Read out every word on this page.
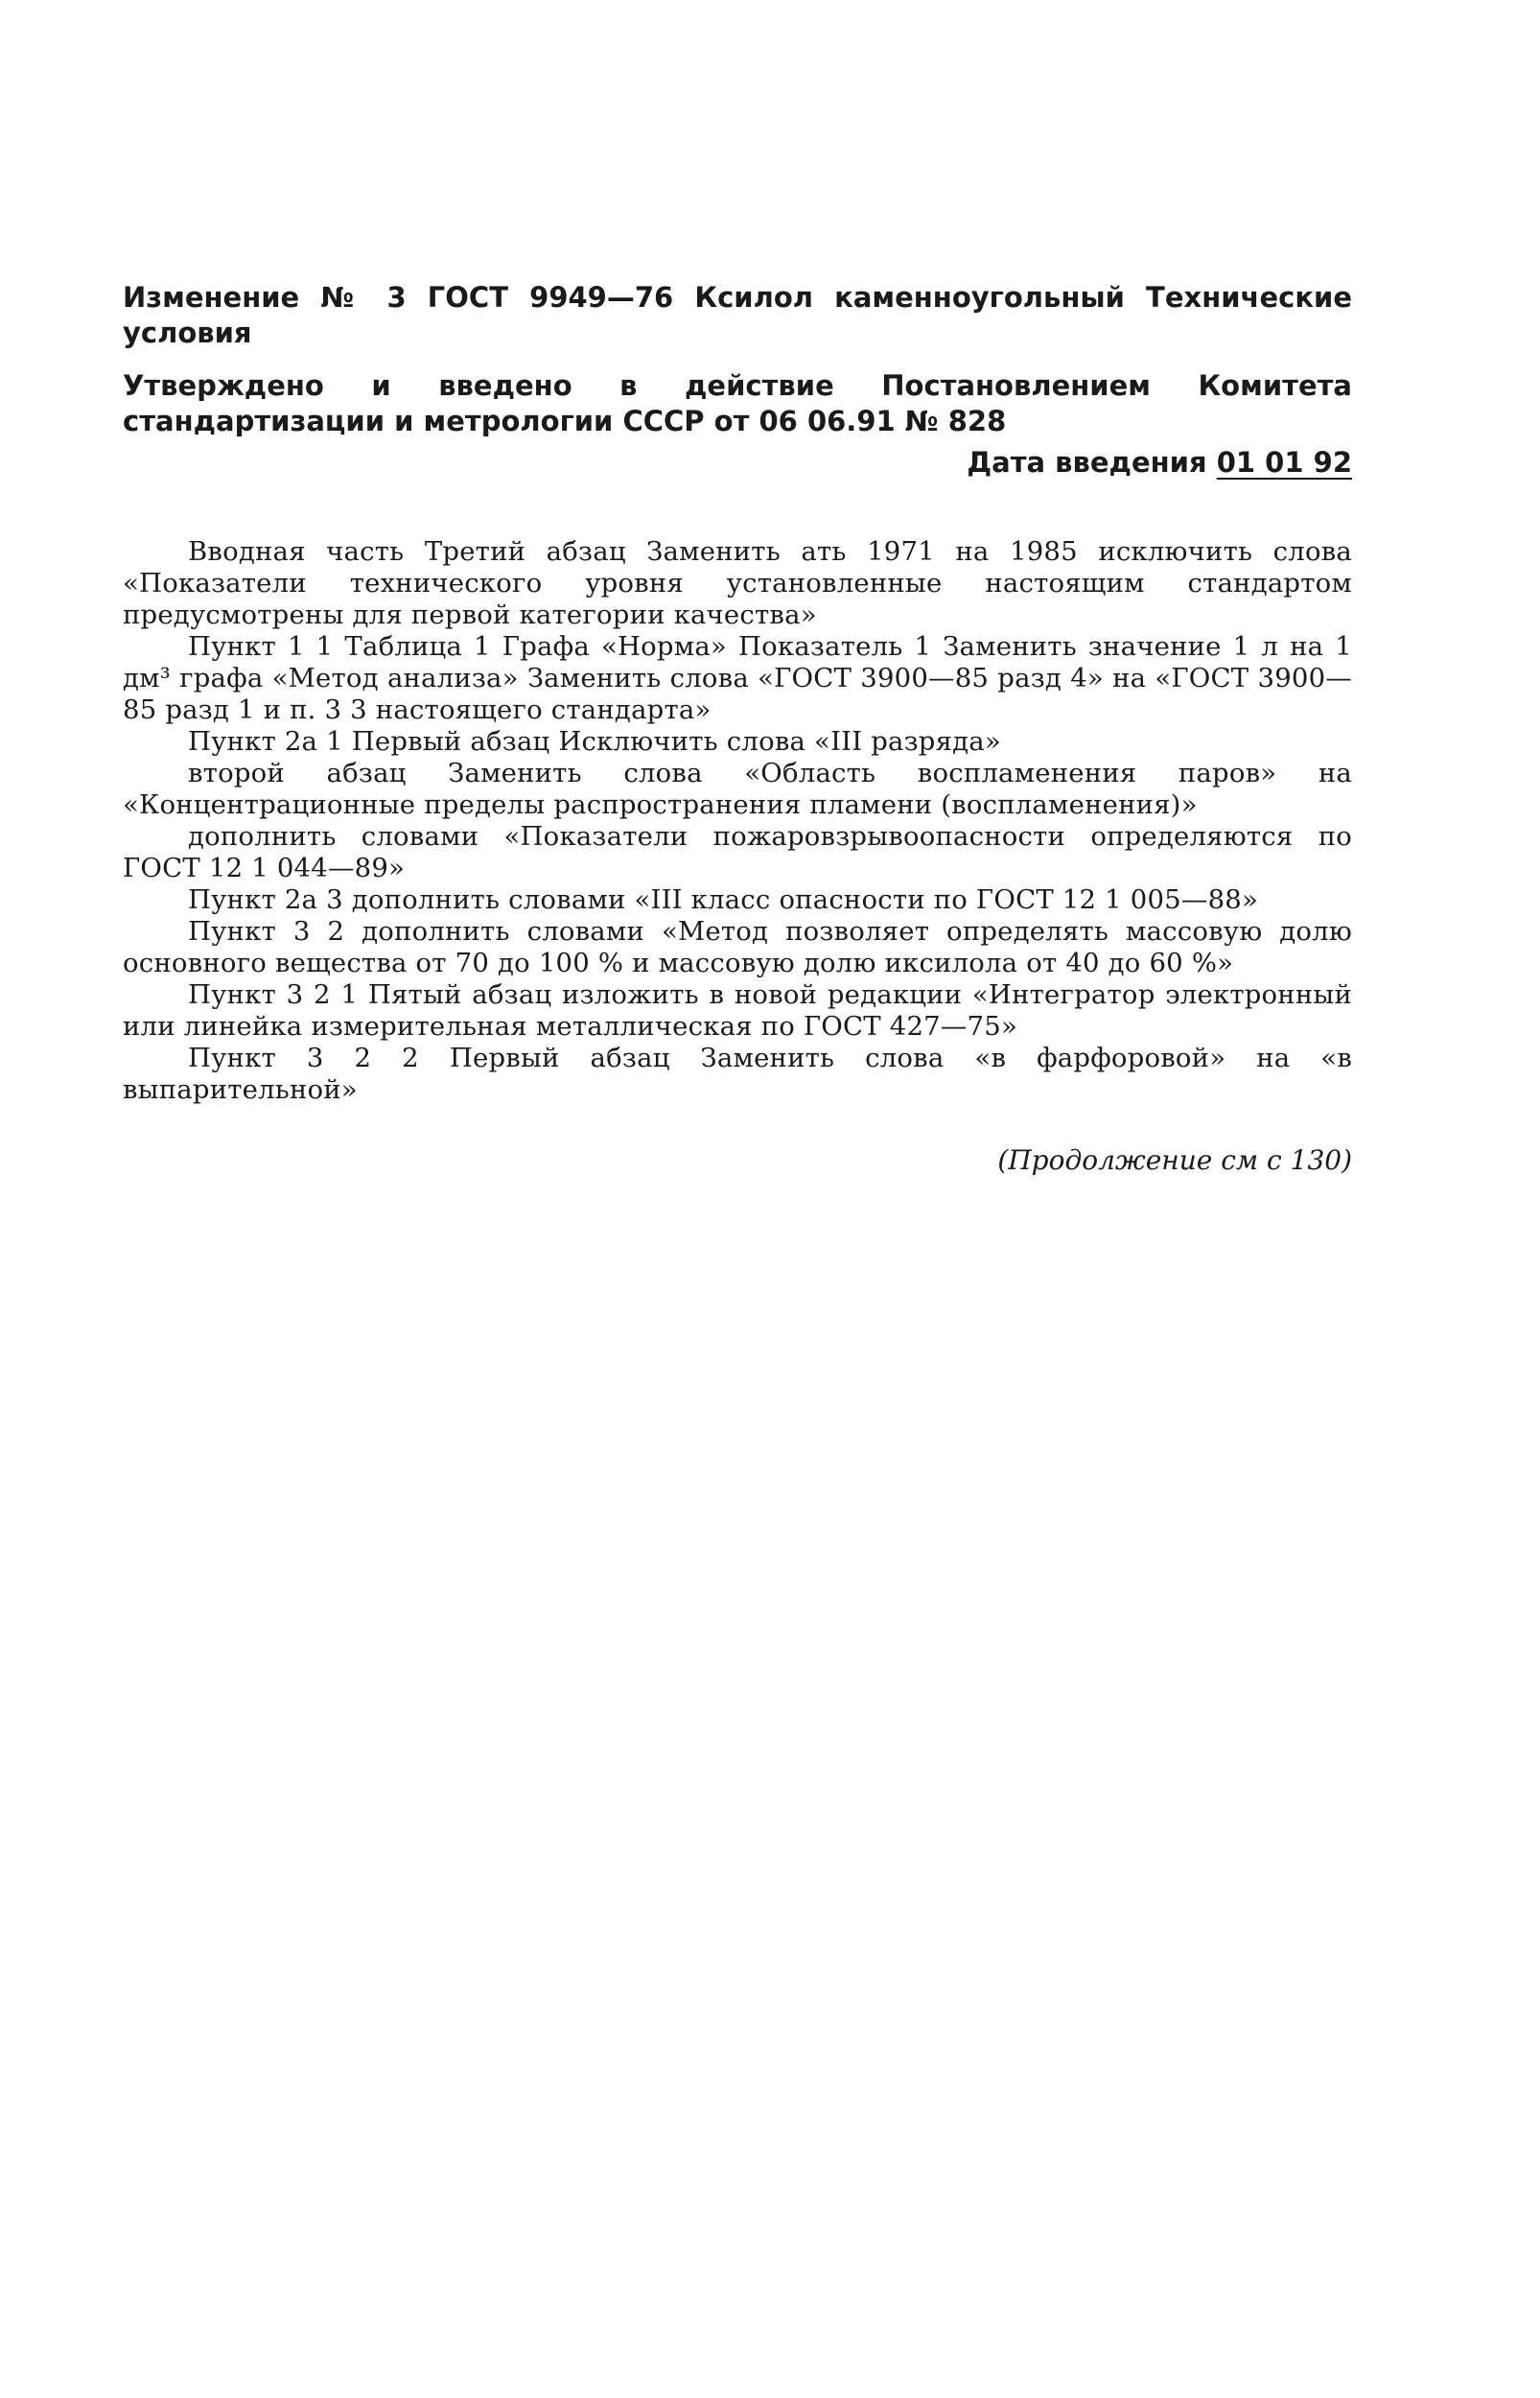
Изменение № 3 ГОСТ 9949—76 Ксилол каменноугольный Технические условия

Утверждено и введено в действие Постановлением Комитета стандартизации и метрологии СССР от 06 06.91 № 828

Дата введения 01 01 92

Вводная часть Третий абзац Заменить ать 1971 на 1985 исключить слова «Показатели технического уровня установленные настоящим стандартом предусмотрены для первой категории качества»

Пункт 1 1 Таблица 1 Графа «Норма» Показатель 1 Заменить значение 1 л на 1 дм³ графа «Метод анализа» Заменить слова «ГОСТ 3900—85 разд 4» на «ГОСТ 3900—85 разд 1 и п. 3 3 настоящего стандарта»

Пункт 2а 1 Первый абзац Исключить слова «III разряда»

второй абзац Заменить слова «Область воспламенения паров» на «Концентрационные пределы распространения пламени (воспламенения)»

дополнить словами «Показатели пожаровзрывоопасности определяются по ГОСТ 12 1 044—89»

Пункт 2а 3 дополнить словами «III класс опасности по ГОСТ 12 1 005—88»

Пункт 3 2 дополнить словами «Метод позволяет определять массовую долю основного вещества от 70 до 100 % и массовую долю иксилола от 40 до 60 %»

Пункт 3 2 1 Пятый абзац изложить в новой редакции «Интегратор электронный или линейка измерительная металлическая по ГОСТ 427—75»

Пункт 3 2 2 Первый абзац Заменить слова «в фарфоровой» на «в выпарительной»

(Продолжение см с 130)
